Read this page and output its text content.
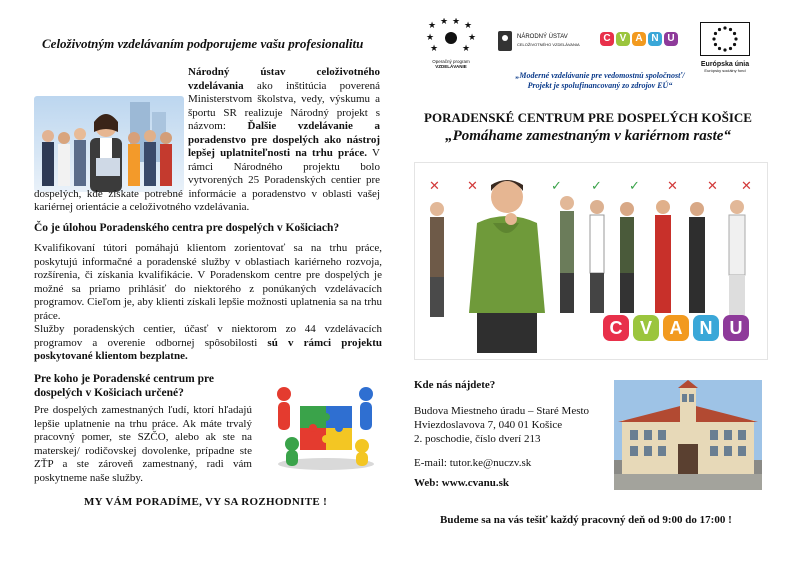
Celoživotným vzdelávaním podporujeme vašu profesionalitu
Národný ústav celoživotného vzdelávania ako inštitúcia poverená Ministerstvom školstva, vedy, výskumu a športu SR realizuje Národný projekt s názvom: Ďalšie vzdelávanie a poradenstvo pre dospelých ako nástroj lepšej uplatniteľnosti na trhu práce. V rámci Národného projektu bolo vytvorených 25 Poradenských centier pre dospelých, kde získate potrebné informácie a poradenstvo v oblasti vašej kariérnej orientácie a celoživotného vzdelávania.
Čo je úlohou Poradenského centra pre dospelých v Košiciach?
Kvalifikovaní tútori pomáhajú klientom zorientovať sa na trhu práce, poskytujú informačné a poradenské služby v oblastiach kariérneho rozvoja, rozšírenia, či získania kvalifikácie. V Poradenskom centre pre dospelých je možné sa priamo prihlásiť do niektorého z ponúkaných vzdelávacích programov. Cieľom je, aby klienti získali lepšie možnosti uplatnenia sa na trhu práce.
Služby poradenských centier, účasť v niektorom zo 44 vzdelávacích programov a overenie odbornej spôsobilosti sú v rámci projektu poskytované klientom bezplatne.
Pre koho je Poradenské centrum pre dospelých v Košiciach určené?
Pre dospelých zamestnaných ľudí, ktorí hľadajú lepšie uplatnenie na trhu práce. Ak máte trvalý pracovný pomer, ste SZČO, alebo ak ste na materskej/ rodičovskej dovolenke, prípadne ste ZŤP a ste zároveň zamestnaný, radi vám poskytneme naše služby.
MY VÁM PORADÍME, VY SA ROZHODNITE !
★ ★ ★ ★
★	★
★	★
Operačný program
VZDELÁVANIE
NÁRODNÝ ÚSTAV
CELOŽIVOTNÉHO VZDELÁVANIA
C V A N U
Európska únia
Európsky sociálny fond
„Moderné vzdelávanie pre vedomostnú spoločnosť/
Projekt je spolufinancovaný zo zdrojov EÚ“
PORADENSKÉ CENTRUM PRE DOSPELÝCH KOŠICE
„Pomáhame zamestnaným v kariérnom raste“
✕ ✕	✓ ✓ ✓ ✕ ✕ ✕
C V A N U
Kde nás nájdete?
Budova Miestneho úradu – Staré Mesto
Hviezdoslavova 7, 040 01 Košice
2. poschodie, číslo dverí 213
E-mail: tutor.ke@nuczv.sk
Web: www.cvanu.sk
Budeme sa na vás tešiť každý pracovný deň od 9:00 do 17:00 !
